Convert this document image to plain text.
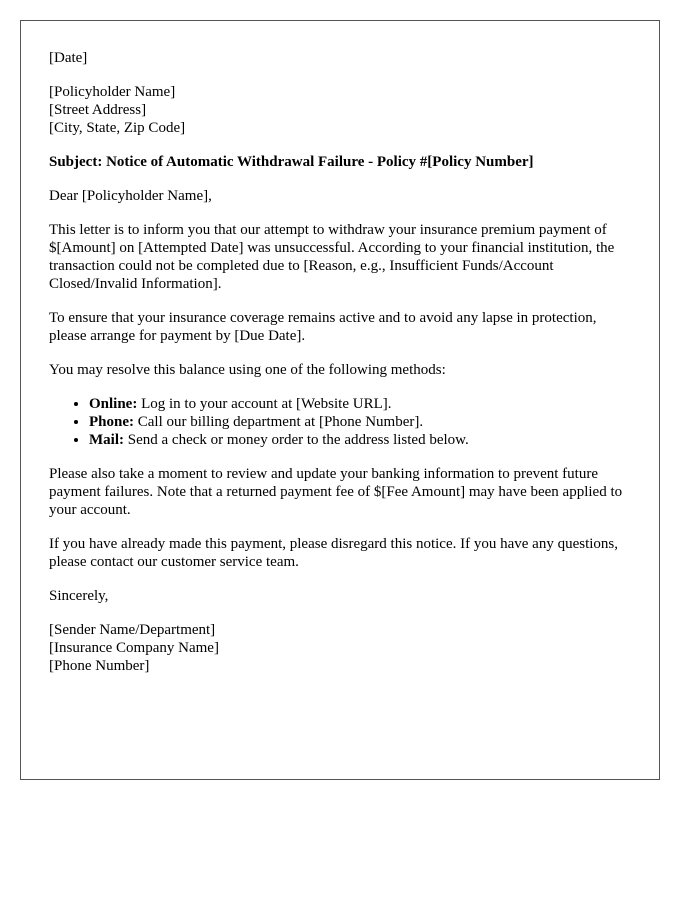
[Date]
[Policyholder Name]
[Street Address]
[City, State, Zip Code]
Subject: Notice of Automatic Withdrawal Failure - Policy #[Policy Number]
Dear [Policyholder Name],
This letter is to inform you that our attempt to withdraw your insurance premium payment of $[Amount] on [Attempted Date] was unsuccessful. According to your financial institution, the transaction could not be completed due to [Reason, e.g., Insufficient Funds/Account Closed/Invalid Information].
To ensure that your insurance coverage remains active and to avoid any lapse in protection, please arrange for payment by [Due Date].
You may resolve this balance using one of the following methods:
• Online: Log in to your account at [Website URL].
• Phone: Call our billing department at [Phone Number].
• Mail: Send a check or money order to the address listed below.
Please also take a moment to review and update your banking information to prevent future payment failures. Note that a returned payment fee of $[Fee Amount] may have been applied to your account.
If you have already made this payment, please disregard this notice. If you have any questions, please contact our customer service team.
Sincerely,
[Sender Name/Department]
[Insurance Company Name]
[Phone Number]
